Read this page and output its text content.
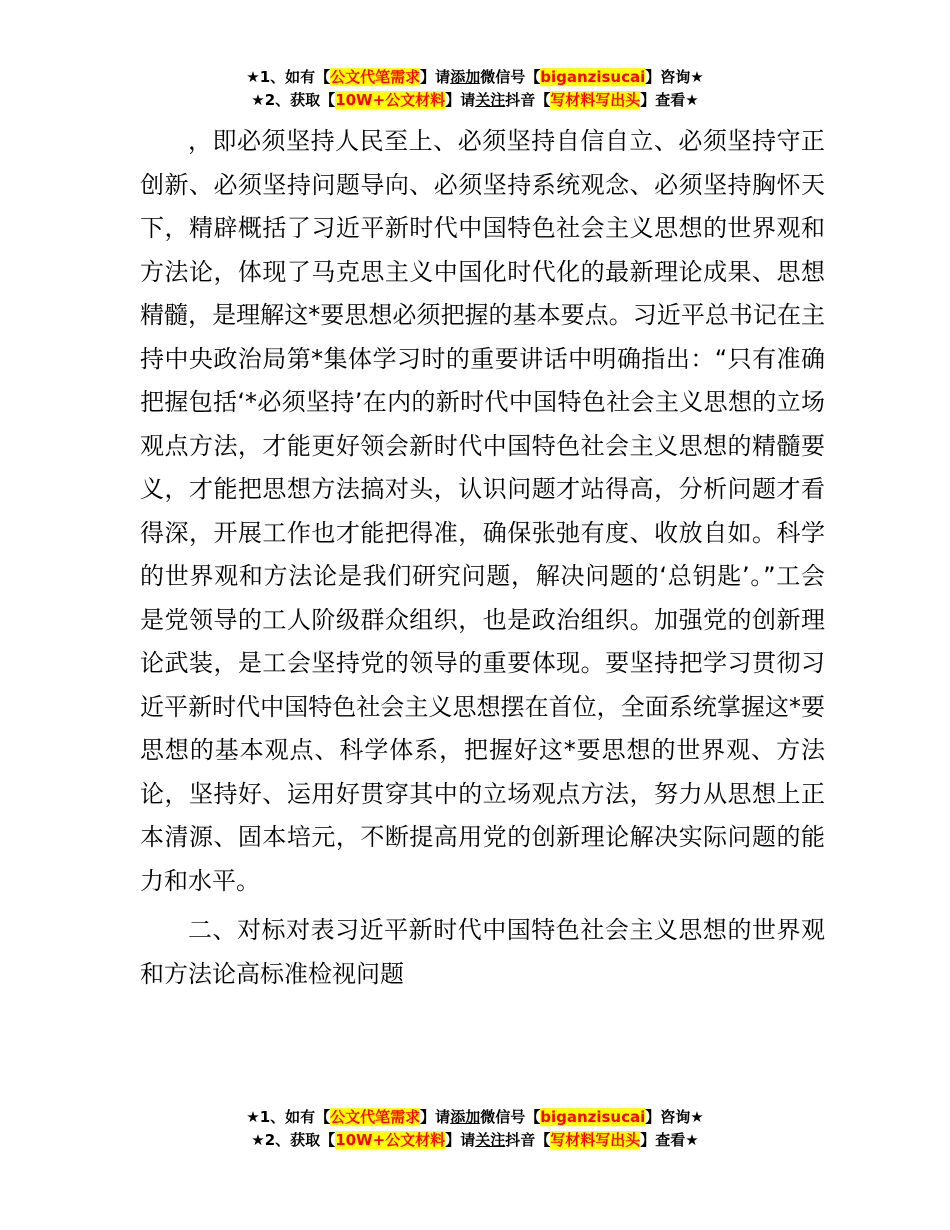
★1、如有【公文代笔需求】请添加微信号【biganzisucai】咨询★
★2、获取【10W+公文材料】请关注抖音【写材料写出头】查看★

，即必须坚持人民至上、必须坚持自信自立、必须坚持守正创新、必须坚持问题导向、必须坚持系统观念、必须坚持胸怀天下，精辟概括了习近平新时代中国特色社会主义思想的世界观和方法论，体现了马克思主义中国化时代化的最新理论成果、思想精髓，是理解这*要思想必须把握的基本要点。习近平总书记在主持中央政治局第*集体学习时的重要讲话中明确指出：“只有准确把握包括‘*必须坚持’在内的新时代中国特色社会主义思想的立场观点方法，才能更好领会新时代中国特色社会主义思想的精髓要义，才能把思想方法搞对头，认识问题才站得高，分析问题才看得深，开展工作也才能把得准，确保张弛有度、收放自如。科学的世界观和方法论是我们研究问题，解决问题的‘总钥匙’。”工会是党领导的工人阶级群众组织，也是政治组织。加强党的创新理论武装，是工会坚持党的领导的重要体现。要坚持把学习贯彻习近平新时代中国特色社会主义思想摆在首位，全面系统掌握这*要思想的基本观点、科学体系，把握好这*要思想的世界观、方法论，坚持好、运用好贯穿其中的立场观点方法，努力从思想上正本清源、固本培元，不断提高用党的创新理论解决实际问题的能力和水平。

二、对标对表习近平新时代中国特色社会主义思想的世界观和方法论高标准检视问题

★1、如有【公文代笔需求】请添加微信号【biganzisucai】咨询★
★2、获取【10W+公文材料】请关注抖音【写材料写出头】查看★
